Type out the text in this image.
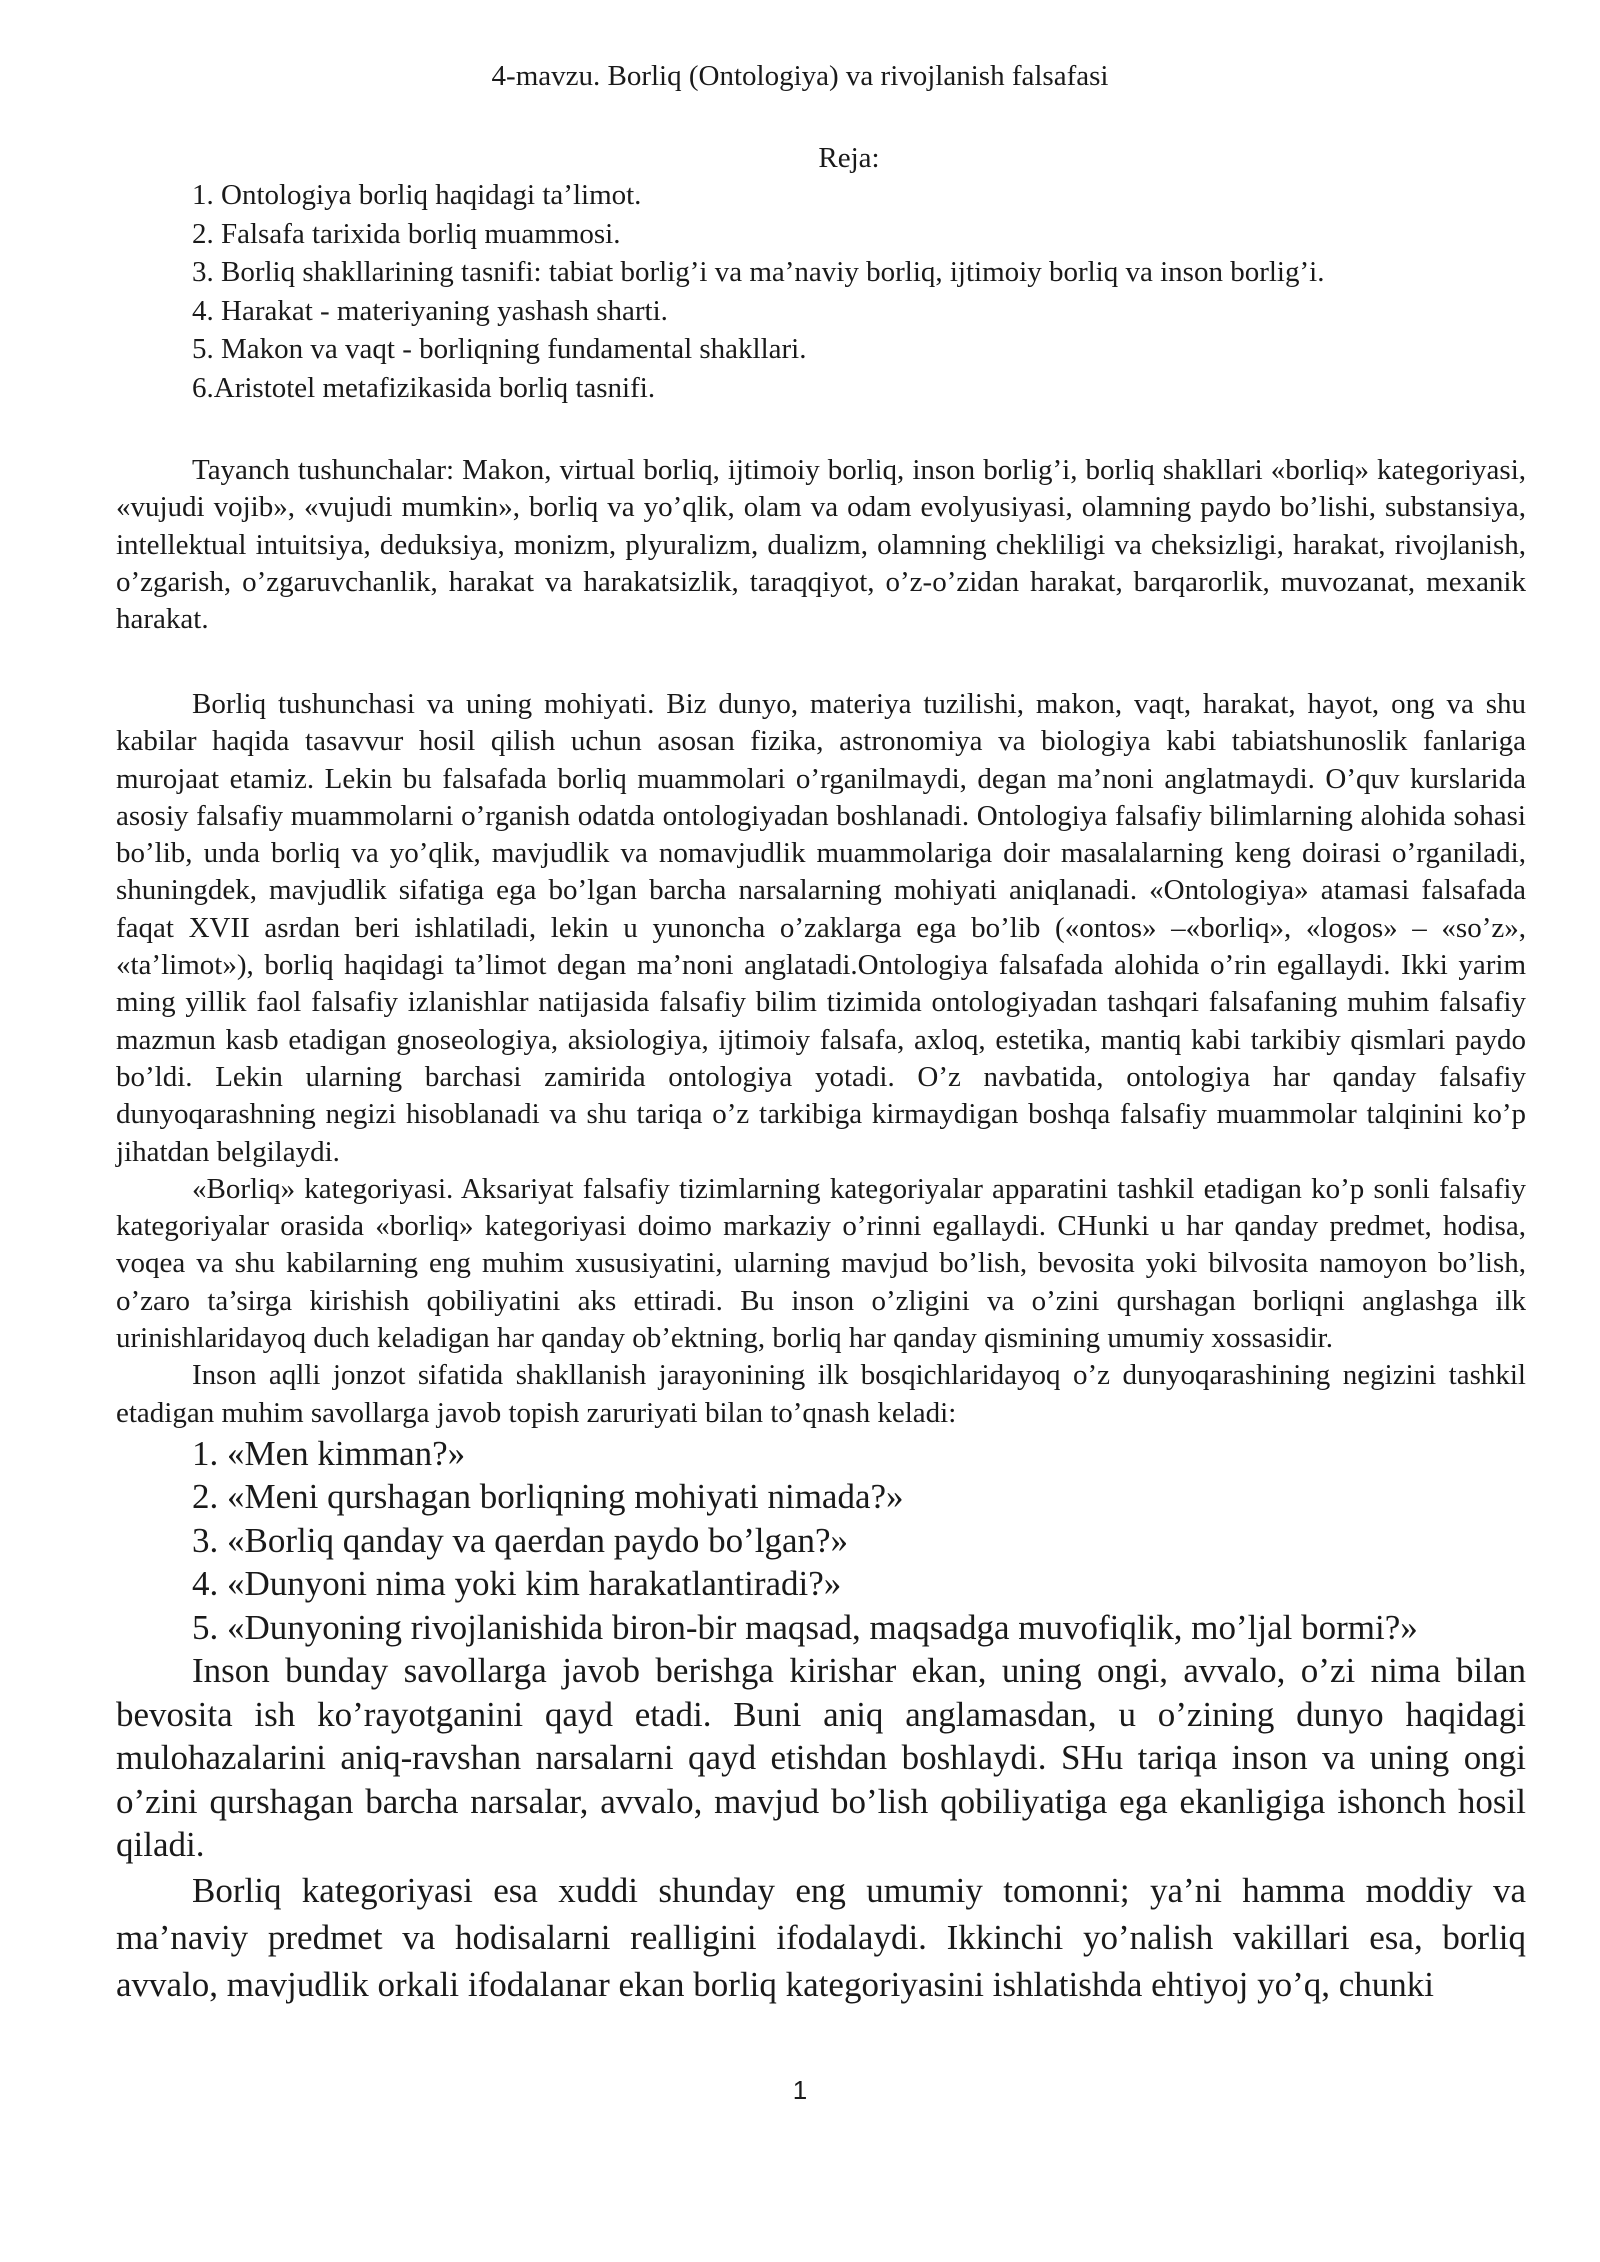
4-mavzu. Borliq (Ontologiya) va rivojlanish falsafasi
Reja:
1. Ontologiya borliq haqidagi ta’limot.
2. Falsafa tarixida borliq muammosi.
3. Borliq shakllarining tasnifi: tabiat borlig’i va ma’naviy borliq, ijtimoiy borliq va inson borlig’i.
4. Harakat - materiyaning yashash sharti.
5. Makon va vaqt - borliqning fundamental shakllari.
6.Aristotel metafizikasida borliq tasnifi.

Tayanch tushunchalar: Makon, virtual borliq, ijtimoiy borliq, inson borlig’i, borliq shakllari «borliq» kategoriyasi, «vujudi vojib», «vujudi mumkin», borliq va yo’qlik, olam va odam evolyusiyasi, olamning paydo bo’lishi, substansiya, intellektual intuitsiya, deduksiya, monizm, plyuralizm, dualizm, olamning chekliligi va cheksizligi, harakat, rivojlanish, o’zgarish, o’zgaruvchanlik, harakat va harakatsizlik, taraqqiyot, o’z-o’zidan harakat, barqarorlik, muvozanat, mexanik harakat.

Borliq tushunchasi va uning mohiyati. Biz dunyo, materiya tuzilishi, makon, vaqt, harakat, hayot, ong va shu kabilar haqida tasavvur hosil qilish uchun asosan fizika, astronomiya va biologiya kabi tabiatshunoslik fanlariga murojaat etamiz. Lekin bu falsafada borliq muammolari o’rganilmaydi, degan ma’noni anglatmaydi. O’quv kurslarida asosiy falsafiy muammolarni o’rganish odatda ontologiyadan boshlanadi. Ontologiya falsafiy bilimlarning alohida sohasi bo’lib, unda borliq va yo’qlik, mavjudlik va nomavjudlik muammolariga doir masalalarning keng doirasi o’rganiladi, shuningdek, mavjudlik sifatiga ega bo’lgan barcha narsalarning mohiyati aniqlanadi. «Ontologiya» atamasi falsafada faqat XVII asrdan beri ishlatiladi, lekin u yunoncha o’zaklarga ega bo’lib («ontos» –«borliq», «logos» – «so’z», «ta’limot»), borliq haqidagi ta’limot degan ma’noni anglatadi.Ontologiya falsafada alohida o’rin egallaydi. Ikki yarim ming yillik faol falsafiy izlanishlar natijasida falsafiy bilim tizimida ontologiyadan tashqari falsafaning muhim falsafiy mazmun kasb etadigan gnoseologiya, aksiologiya, ijtimoiy falsafa, axloq, estetika, mantiq kabi tarkibiy qismlari paydo bo’ldi. Lekin ularning barchasi zamirida ontologiya yotadi. O’z navbatida, ontologiya har qanday falsafiy dunyoqarashning negizi hisoblanadi va shu tariqa o’z tarkibiga kirmaydigan boshqa falsafiy muammolar talqinini ko’p jihatdan belgilaydi.

«Borliq» kategoriyasi. Aksariyat falsafiy tizimlarning kategoriyalar apparatini tashkil etadigan ko’p sonli falsafiy kategoriyalar orasida «borliq» kategoriyasi doimo markaziy o’rinni egallaydi. CHunki u har qanday predmet, hodisa, voqea va shu kabilarning eng muhim xususiyatini, ularning mavjud bo’lish, bevosita yoki bilvosita namoyon bo’lish, o’zaro ta’sirga kirishish qobiliyatini aks ettiradi. Bu inson o’zligini va o’zini qurshagan borliqni anglashga ilk urinishlaridayoq duch keladigan har qanday ob’ektning, borliq har qanday qismining umumiy xossasidir.

Inson aqlli jonzot sifatida shakllanish jarayonining ilk bosqichlaridayoq o’z dunyoqarashining negizini tashkil etadigan muhim savollarga javob topish zaruriyati bilan to’qnash keladi:

1. «Men kimman?»
2. «Meni qurshagan borliqning mohiyati nimada?»
3. «Borliq qanday va qaerdan paydo bo’lgan?»
4. «Dunyoni nima yoki kim harakatlantiradi?»
5. «Dunyoning rivojlanishida biron-bir maqsad, maqsadga muvofiqlik, mo’ljal bormi?»

Inson bunday savollarga javob berishga kirishar ekan, uning ongi, avvalo, o’zi nima bilan bevosita ish ko’rayotganini qayd etadi. Buni aniq anglamasdan, u o’zining dunyo haqidagi mulohazalarini aniq-ravshan narsalarni qayd etishdan boshlaydi. SHu tariqa inson va uning ongi o’zini qurshagan barcha narsalar, avvalo, mavjud bo’lish qobiliyatiga ega ekanligiga ishonch hosil qiladi.

Borliq kategoriyasi esa xuddi shunday eng umumiy tomonni; ya’ni hamma moddiy va ma’naviy predmet va hodisalarni realligini ifodalaydi. Ikkinchi yo’nalish vakillari esa, borliq avvalo, mavjudlik orkali ifodalanar ekan borliq kategoriyasini ishlatishda ehtiyoj yo’q, chunki

1
